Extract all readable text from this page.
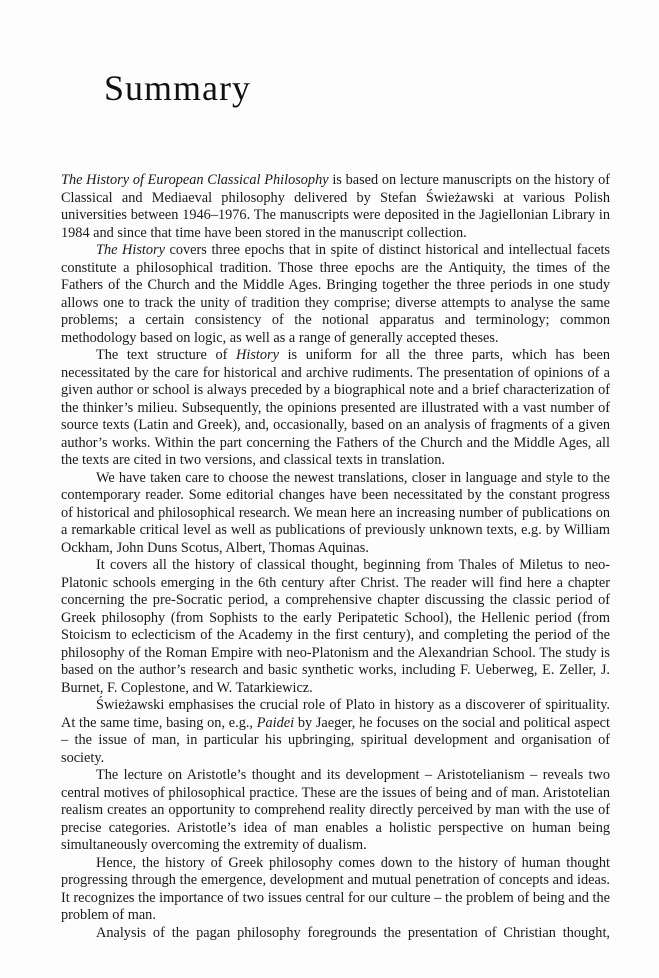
Summary

The History of European Classical Philosophy is based on lecture manuscripts on the history of Classical and Mediaeval philosophy delivered by Stefan Świeżawski at various Polish universities between 1946–1976. The manuscripts were deposited in the Jagiellonian Library in 1984 and since that time have been stored in the manuscript collection.

The History covers three epochs that in spite of distinct historical and intellectual facets constitute a philosophical tradition. Those three epochs are the Antiquity, the times of the Fathers of the Church and the Middle Ages. Bringing together the three periods in one study allows one to track the unity of tradition they comprise; diverse attempts to analyse the same problems; a certain consistency of the notional apparatus and terminology; common methodology based on logic, as well as a range of generally accepted theses.

The text structure of History is uniform for all the three parts, which has been necessitated by the care for historical and archive rudiments. The presentation of opinions of a given author or school is always preceded by a biographical note and a brief characterization of the thinker’s milieu. Subsequently, the opinions presented are illustrated with a vast number of source texts (Latin and Greek), and, occasionally, based on an analysis of fragments of a given author’s works. Within the part concerning the Fathers of the Church and the Middle Ages, all the texts are cited in two versions, and classical texts in translation.

We have taken care to choose the newest translations, closer in language and style to the contemporary reader. Some editorial changes have been necessitated by the constant progress of historical and philosophical research. We mean here an increasing number of publications on a remarkable critical level as well as publications of previously unknown texts, e.g. by William Ockham, John Duns Scotus, Albert, Thomas Aquinas.

It covers all the history of classical thought, beginning from Thales of Miletus to neo-Platonic schools emerging in the 6th century after Christ. The reader will find here a chapter concerning the pre-Socratic period, a comprehensive chapter discussing the classic period of Greek philosophy (from Sophists to the early Peripatetic School), the Hellenic period (from Stoicism to eclecticism of the Academy in the first century), and completing the period of the philosophy of the Roman Empire with neo-Platonism and the Alexandrian School. The study is based on the author’s research and basic synthetic works, including F. Ueberweg, E. Zeller, J. Burnet, F. Coplestone, and W. Tatarkiewicz.

Świeżawski emphasises the crucial role of Plato in history as a discoverer of spirituality. At the same time, basing on, e.g., Paidei by Jaeger, he focuses on the social and political aspect – the issue of man, in particular his upbringing, spiritual development and organisation of society.

The lecture on Aristotle’s thought and its development – Aristotelianism – reveals two central motives of philosophical practice. These are the issues of being and of man. Aristotelian realism creates an opportunity to comprehend reality directly perceived by man with the use of precise categories. Aristotle’s idea of man enables a holistic perspective on human being simultaneously overcoming the extremity of dualism.

Hence, the history of Greek philosophy comes down to the history of human thought progressing through the emergence, development and mutual penetration of concepts and ideas. It recognizes the importance of two issues central for our culture – the problem of being and the problem of man.

Analysis of the pagan philosophy foregrounds the presentation of Christian thought,
